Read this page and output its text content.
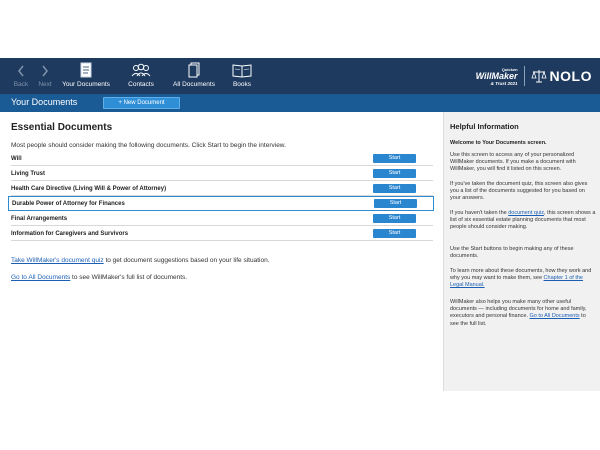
Back	Next	Your Documents	Contacts	All Documents	Books
Quicken
WillMaker
& Trust 2021 NOLO
Your Documents	+ New Document
Essential Documents
Most people should consider making the following documents. Click Start to begin the interview.
Will	Start
Living Trust	Start
Health Care Directive (Living Will & Power of Attorney)	Start
Durable Power of Attorney for Finances	Start
Final Arrangements	Start
Information for Caregivers and Survivors	Start
Take WillMaker's document quiz to get document suggestions based on your life situation.
Go to All Documents to see WillMaker's full list of documents.
Helpful Information
Welcome to Your Documents screen.
Use this screen to access any of your personalized WillMaker documents. If you make a document with WillMaker, you will find it listed on this screen.
If you've taken the document quiz, this screen also gives you a list of the documents suggested for you based on your answers.
If you haven't taken the document quiz, this screen shows a list of six essential estate planning documents that most people should consider making.
Use the Start buttons to begin making any of these documents.
To learn more about these documents, how they work and why you may want to make them, see Chapter 1 of the Legal Manual.
WillMaker also helps you make many other useful documents — including documents for home and family, executors and personal finance. Go to All Documents to see the full list.
